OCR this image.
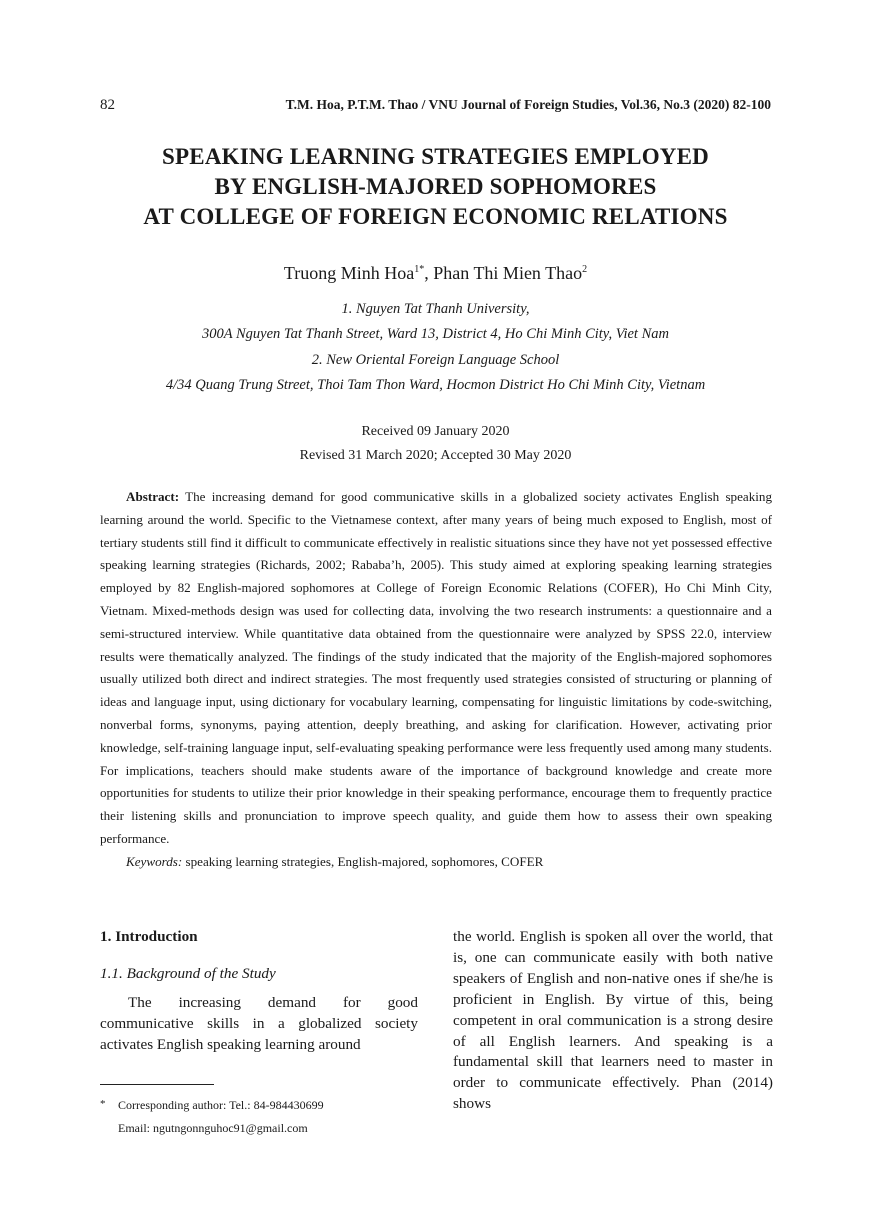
82	T.M. Hoa, P.T.M. Thao / VNU Journal of Foreign Studies, Vol.36, No.3 (2020) 82-100
SPEAKING LEARNING STRATEGIES EMPLOYED
BY ENGLISH-MAJORED SOPHOMORES
AT COLLEGE OF FOREIGN ECONOMIC RELATIONS
Truong Minh Hoa$^{1*}$, Phan Thi Mien Thao$^2$
1. Nguyen Tat Thanh University,
300A Nguyen Tat Thanh Street, Ward 13, District 4, Ho Chi Minh City, Viet Nam
2. New Oriental Foreign Language School
4/34 Quang Trung Street, Thoi Tam Thon Ward, Hocmon District Ho Chi Minh City, Vietnam
Received 09 January 2020
Revised 31 March 2020; Accepted 30 May 2020

Abstract: The increasing demand for good communicative skills in a globalized society activates English speaking learning around the world. Specific to the Vietnamese context, after many years of being much exposed to English, most of tertiary students still find it difficult to communicate effectively in realistic situations since they have not yet possessed effective speaking learning strategies (Richards, 2002; Rababa’h, 2005). This study aimed at exploring speaking learning strategies employed by 82 English-majored sophomores at College of Foreign Economic Relations (COFER), Ho Chi Minh City, Vietnam. Mixed-methods design was used for collecting data, involving the two research instruments: a questionnaire and a semi-structured interview. While quantitative data obtained from the questionnaire were analyzed by SPSS 22.0, interview results were thematically analyzed. The findings of the study indicated that the majority of the English-majored sophomores usually utilized both direct and indirect strategies. The most frequently used strategies consisted of structuring or planning of ideas and language input, using dictionary for vocabulary learning, compensating for linguistic limitations by code-switching, nonverbal forms, synonyms, paying attention, deeply breathing, and asking for clarification. However, activating prior knowledge, self-training language input, self-evaluating speaking performance were less frequently used among many students. For implications, teachers should make students aware of the importance of background knowledge and create more opportunities for students to utilize their prior knowledge in their speaking performance, encourage them to frequently practice their listening skills and pronunciation to improve speech quality, and guide them how to assess their own speaking performance.

Keywords: speaking learning strategies, English-majored, sophomores, COFER

1. Introduction
1.1. Background of the Study

The increasing demand for good communicative skills in a globalized society activates English speaking learning around

the world. English is spoken all over the world, that is, one can communicate easily with both native speakers of English and non-native ones if she/he is proficient in English. By virtue of this, being competent in oral communication is a strong desire of all English learners. And speaking is a fundamental skill that learners need to master in order to communicate effectively. Phan (2014) shows

* Corresponding author: Tel.: 84-984430699
Email: ngutngonnguhoc91@gmail.com
